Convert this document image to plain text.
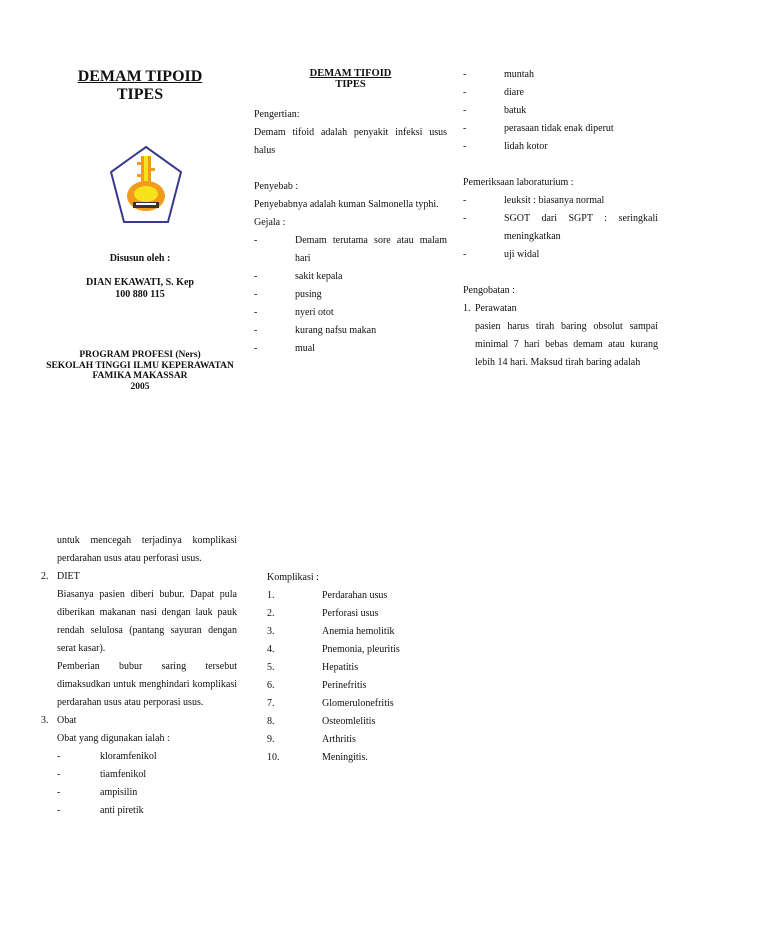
DEMAM TIPOID
TIPES
Disusun oleh :
DIAN EKAWATI, S. Kep
100 880 115
PROGRAM PROFESI (Ners)
SEKOLAH TINGGI ILMU KEPERAWATAN
FAMIKA MAKASSAR
2005
DEMAM TIFOID
TIPES

Pengertian:

Demam tifoid adalah penyakit infeksi usus halus

Penyebab :

Penyebabnya adalah kuman Salmonella typhi.

Gejala :

-	Demam terutama sore atau malam hari

-	sakit kepala

-	pusing

-	nyeri otot

-	kurang nafsu makan

-	mual

-	muntah

-	diare

-	batuk

-	perasaan tidak enak diperut

-	lidah kotor

Pemeriksaan laboraturium :

-	leuksit : biasanya normal

-	SGOT dari SGPT : seringkali meningkatkan

-	uji widal

Pengobatan :

1. Perawatan

pasien harus tirah baring obsolut sampai minimal 7 hari bebas demam atau kurang lebih 14 hari. Maksud tirah baring adalah

untuk mencegah terjadinya komplikasi perdarahan usus atau perforasi usus.

2. DIET

Biasanya pasien diberi bubur. Dapat pula diberikan makanan nasi dengan lauk pauk rendah selulosa (pantang sayuran dengan serat kasar).

Pemberian bubur saring tersebut dimaksudkan untuk menghindari komplikasi perdarahan usus atau perporasi usus.

3. Obat

Obat yang digunakan ialah :

-	kloramfenikol

-	tiamfenikol

-	ampisilin

-	anti piretik

Komplikasi :

1.	Perdarahan usus

2.	Perforasi usus

3.	Anemia hemolitik

4.	Pnemonia, pleuritis

5.	Hepatitis

6.	Perinefritis

7.	Glomerulonefritis

8.	Osteomlelitis

9.	Arthritis

10.	Meningitis.
